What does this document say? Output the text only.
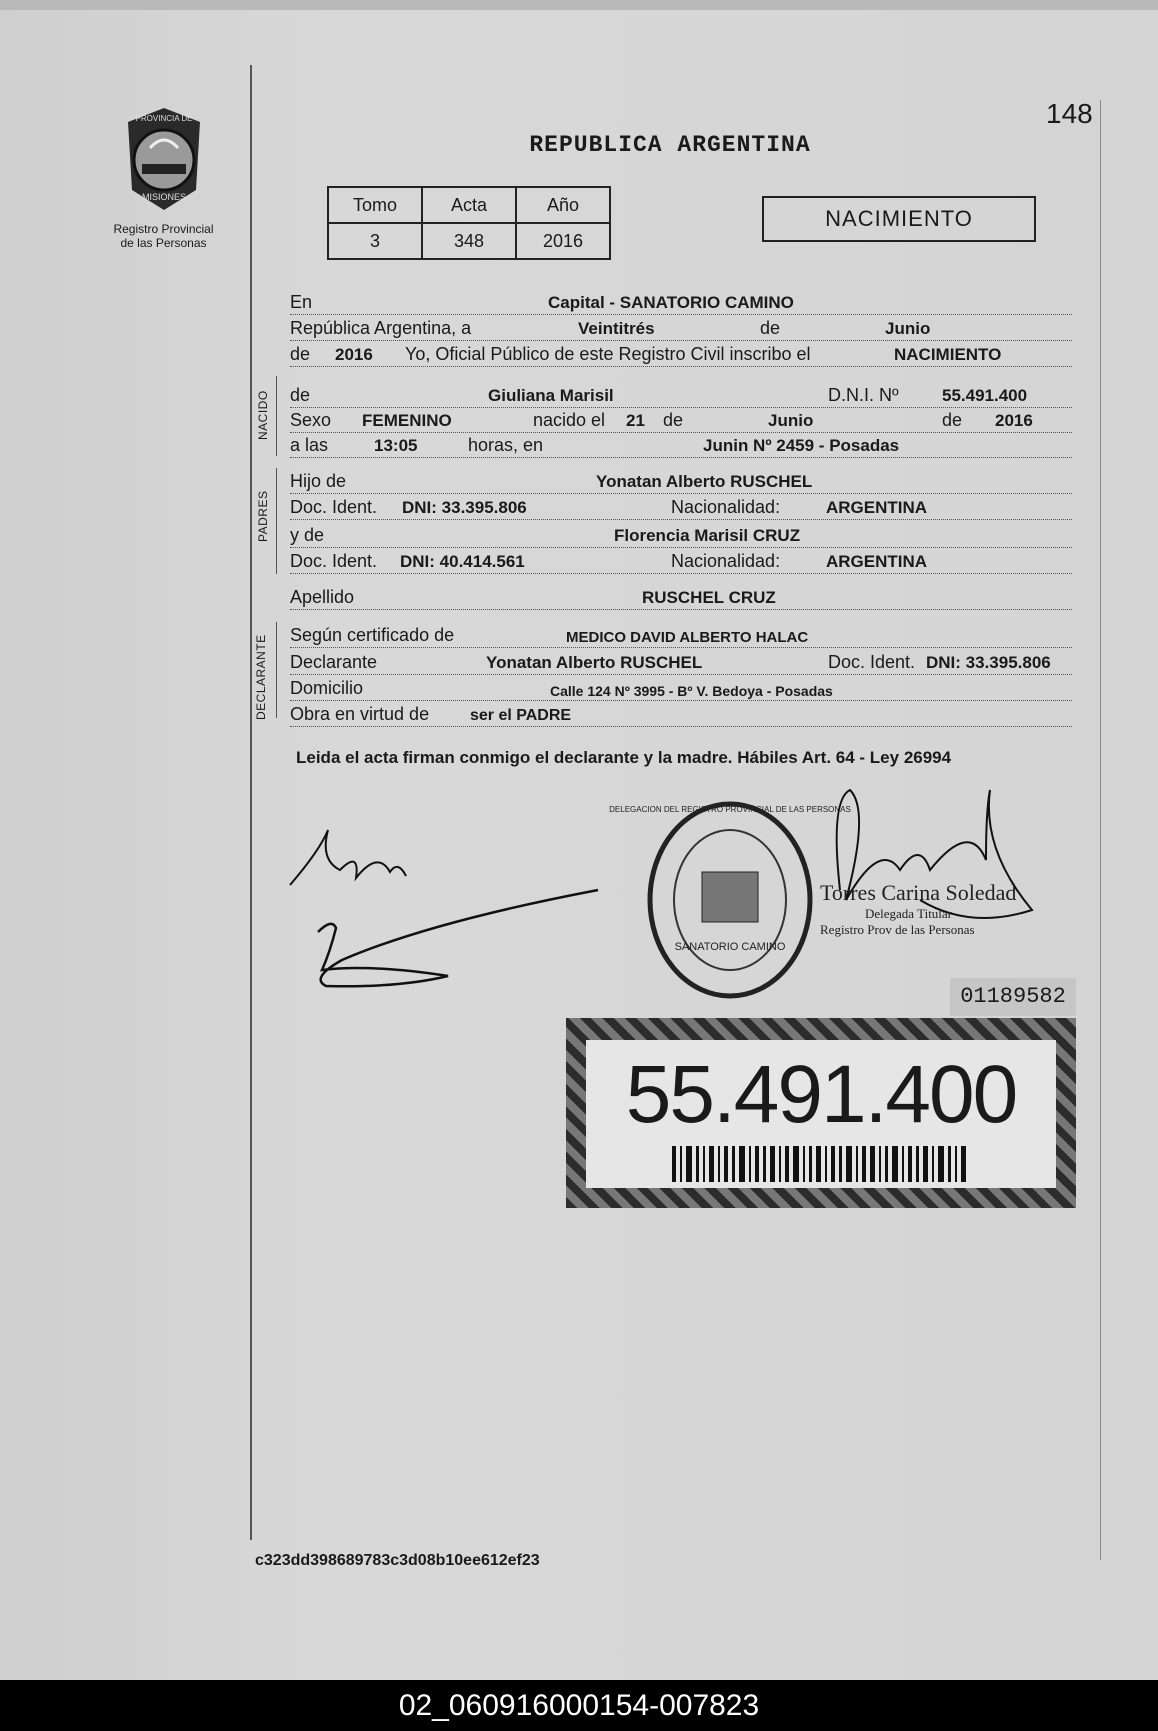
148
PROVINCIA DE
MISIONES
Registro Provincial
de las Personas
REPUBLICA ARGENTINA
Tomo	Acta	Año
3	348	2016
NACIMIENTO
En	Capital - SANATORIO CAMINO
República Argentina, a	Veintitrés	de	Junio
de 2016 Yo, Oficial Público de este Registro Civil inscribo el	NACIMIENTO
NACIDO de	Giuliana Marisil	D.N.I. Nº	55.491.400
Sexo FEMENINO	nacido el 21 de	Junio	de 2016
a las	13:05	horas, en	Junin Nº 2459 - Posadas
PADRES
Hijo de	Yonatan Alberto RUSCHEL
Doc. Ident. DNI: 33.395.806	Nacionalidad:	ARGENTINA
y de	Florencia Marisil CRUZ
Doc. Ident. DNI: 40.414.561	Nacionalidad:	ARGENTINA
Apellido	RUSCHEL CRUZ
DECLARANTE Según certificado de	MEDICO DAVID ALBERTO HALAC
Declarante	Yonatan Alberto RUSCHEL	Doc. Ident. DNI: 33.395.806
Domicilio	Calle 124 Nº 3995 - Bº V. Bedoya - Posadas
Obra en virtud de	ser el PADRE
Leida el acta firman conmigo el declarante y la madre. Hábiles Art. 64 - Ley 26994
SANATORIO CAMINO
DELEGACION DEL REGISTRO PROVINCIAL DE LAS PERSONAS
Torres Carina Soledad
Delegada Titular
Registro Prov de las Personas
01189582
55.491.400
c323dd398689783c3d08b10ee612ef23
02_060916000154-007823
